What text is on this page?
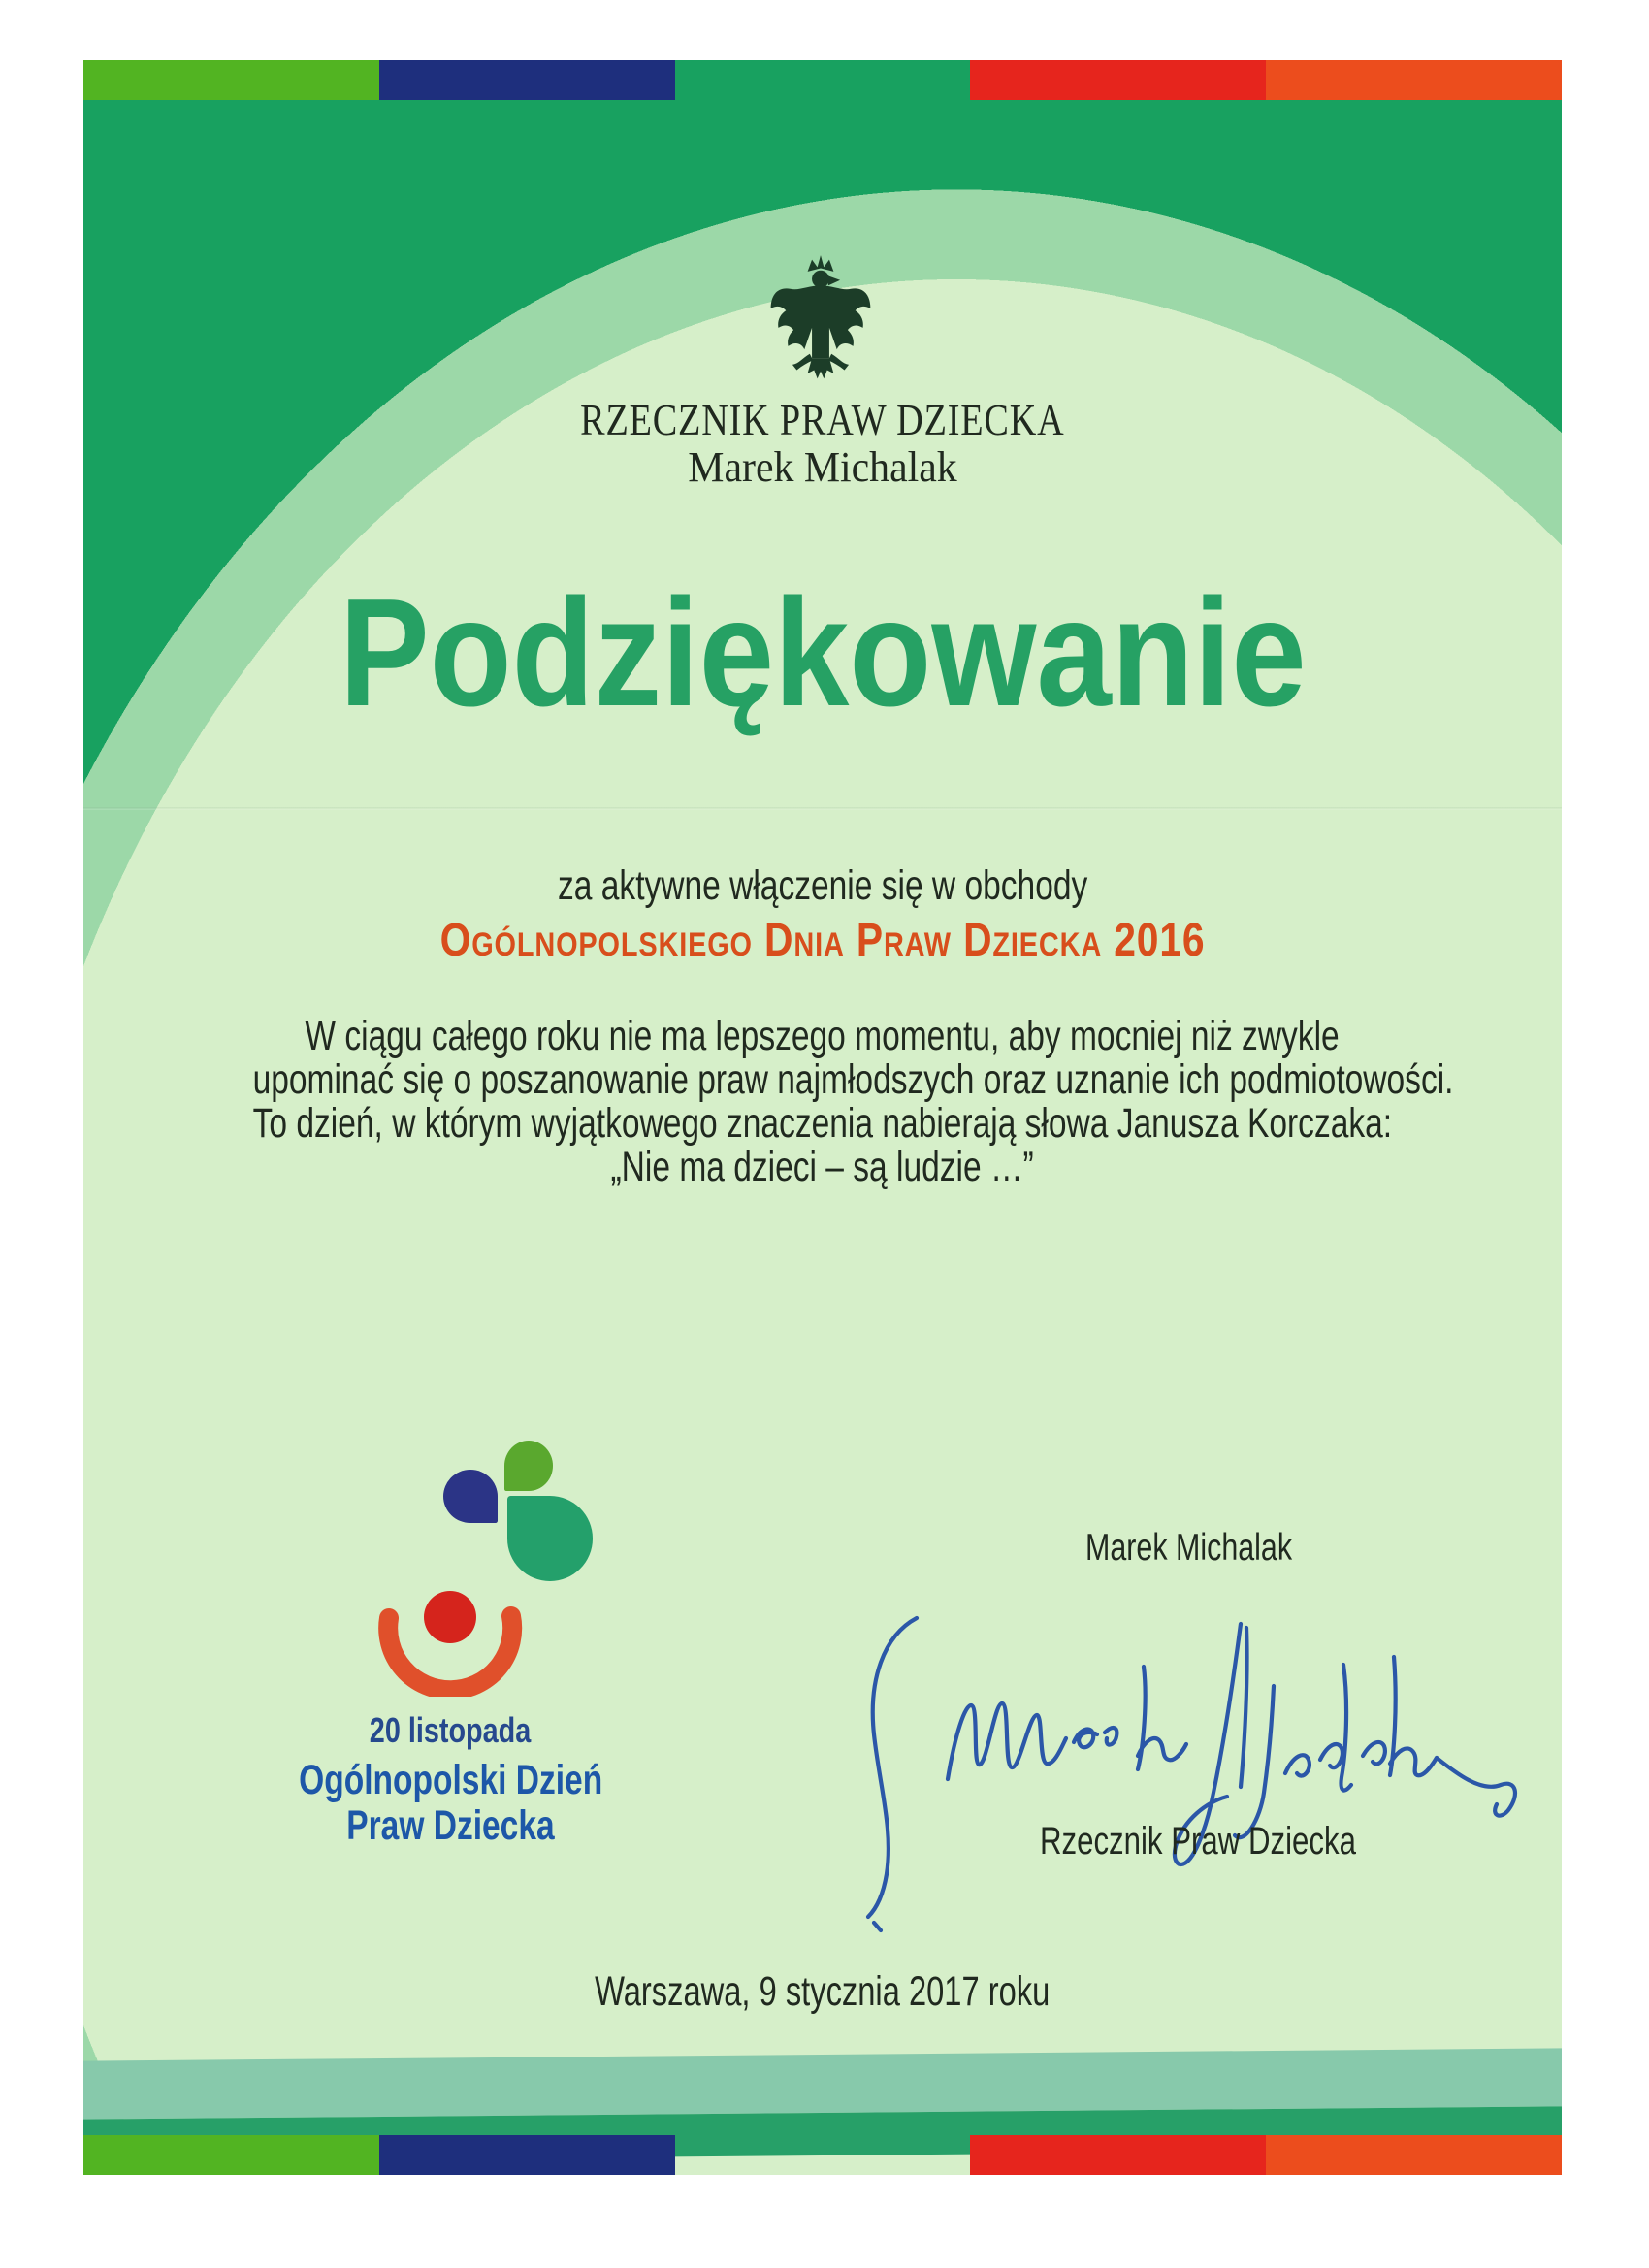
RZECZNIK PRAW DZIECKA
Marek Michalak
Podziękowanie
za aktywne włączenie się w obchody
Ogólnopolskiego Dnia Praw Dziecka 2016
W ciągu całego roku nie ma lepszego momentu, aby mocniej niż zwykle
upominać się o poszanowanie praw najmłodszych oraz uznanie ich podmiotowości.
To dzień, w którym wyjątkowego znaczenia nabierają słowa Janusza Korczaka:
„Nie ma dzieci – są ludzie …”
20 listopada
Ogólnopolski Dzień
Praw Dziecka
Marek Michalak
Rzecznik Praw Dziecka
Warszawa, 9 stycznia 2017 roku
